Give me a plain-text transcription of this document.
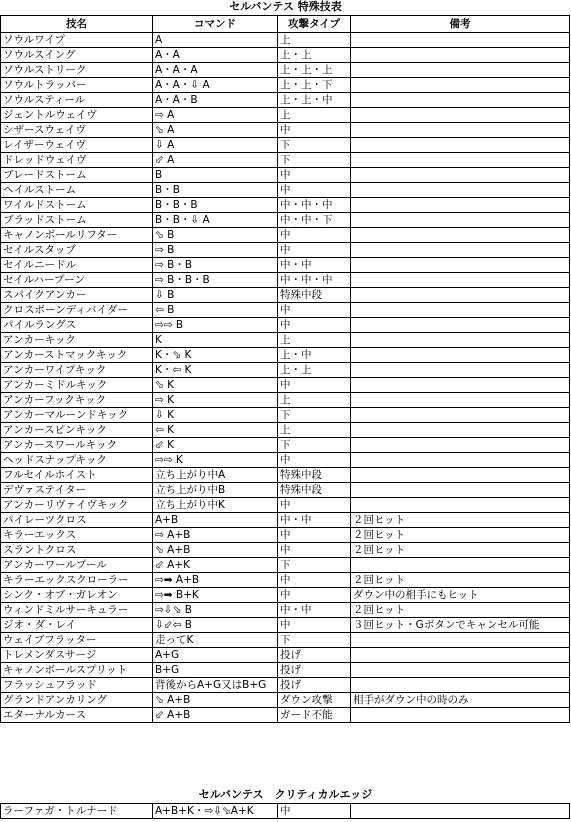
セルバンテス 特殊技表
技名	コマンド	攻撃タイプ	備考
ソウルワイプ	A	上	
ソウルスイング	A・A	上・上	
ソウルストリーク	A・A・A	上・上・上	
ソウルトラッパー	A・A・⇩ A	上・上・下	
ソウルスティール	A・A・B	上・上・中	
ジェントルウェイヴ	⇨ A	上	
シザースウェイヴ	⬂ A	中	
レイザーウェイヴ	⇩ A	下	
ドレッドウェイヴ	⬃ A	下	
ブレードストーム	B	中	
ヘイルストーム	B・B	中	
ワイルドストーム	B・B・B	中・中・中	
ブラッドストーム	B・B・⇩ A	中・中・下	
キャノンボールリフター	⬂ B	中	
セイルスタッブ	⇨ B	中	
セイルニードル	⇨ B・B	中・中	
セイルハープーン	⇨ B・B・B	中・中・中	
スパイクアンカー	⇩ B	特殊中段	
クロスボーンディバイダー	⇦ B	中	
パイルラングス	⇨⇨ B	中	
アンカーキック	K	上	
アンカーストマックキック	K・⬂ K	上・中	
アンカーワイプキック	K・⇦ K	上・上	
アンカーミドルキック	⬂ K	中	
アンカーフックキック	⇨ K	上	
アンカーマルーンドキック	⇩ K	下	
アンカースピンキック	⇦ K	上	
アンカースワールキック	⬃ K	下	
ヘッドスナップキック	⇨⇨ K	中	
フルセイルホイスト	立ち上がり中A	特殊中段	
デヴァステイター	立ち上がり中B	特殊中段	
アンカーリヴァイヴキック	立ち上がり中K	中	
パイレーツクロス	A+B	中・中	２回ヒット
キラーエックス	⇨ A+B	中	２回ヒット
スラントクロス	⬂ A+B	中	２回ヒット
アンカーワールプール	⬃ A+K	下	
キラーエックスクローラー	⇨➡ A+B	中	２回ヒット
シンク・オブ・ガレオン	⇨➡ B+K	中	ダウン中の相手にもヒット
ウィンドミルサーキュラー	⇨⇩⬂ B	中・中	２回ヒット
ジオ・ダ・レイ	⇩⬃⇦ B	中	３回ヒット・Gボタンでキャンセル可能
ウェイブフラッター	走ってK	下	
トレメンダスサージ	A+G	投げ	
キャノンボールスプリット	B+G	投げ	
フラッシュフラッド	背後からA+G又はB+G	投げ	
グランドアンカリング	⬂ A+B	ダウン攻撃	相手がダウン中の時のみ
エターナルカース	⬃ A+B	ガード不能	
セルバンテス　クリティカルエッジ
ラーファガ・トルナード	A+B+K・⇨⇩⬂A+K	中	
